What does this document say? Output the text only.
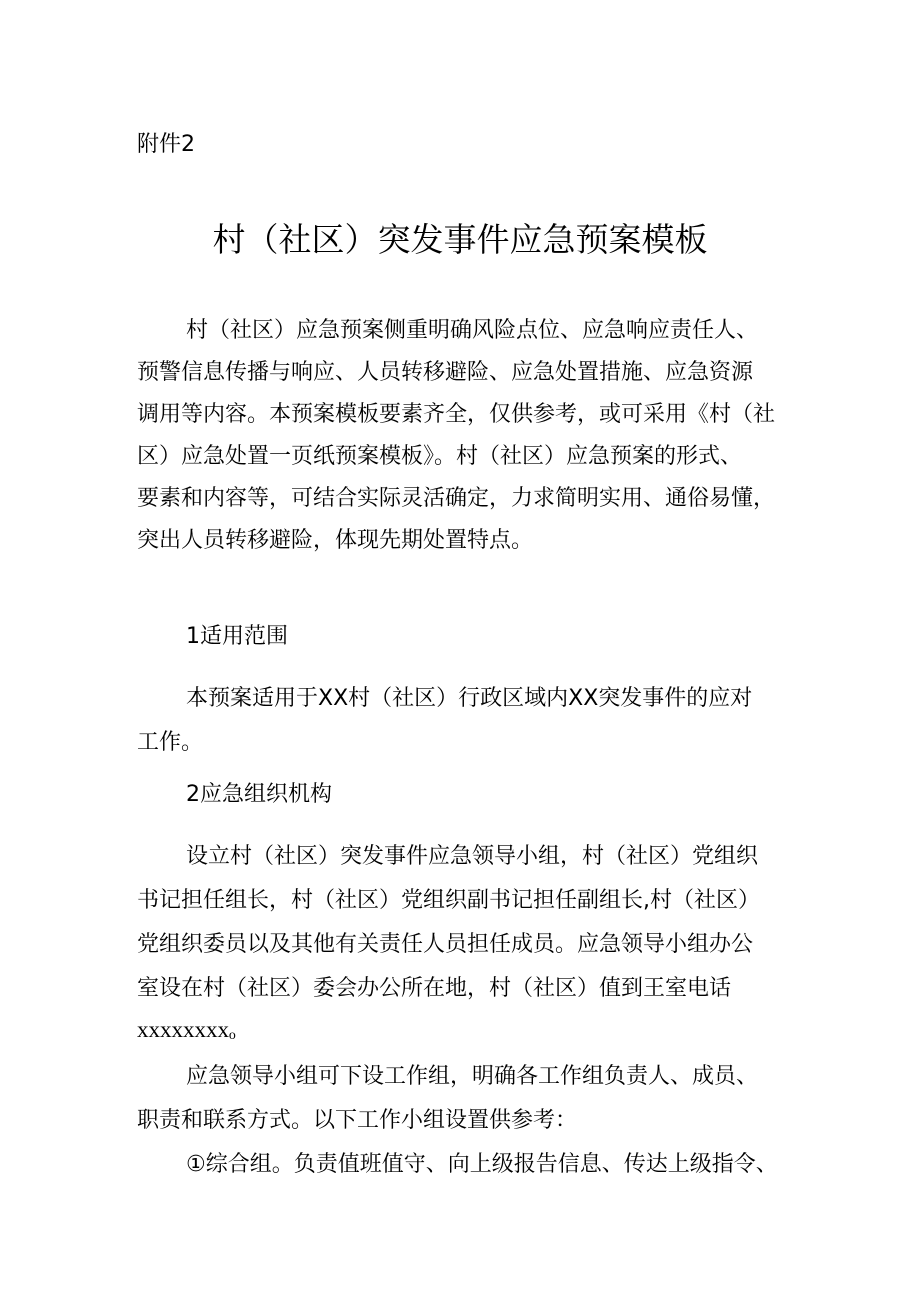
附件2
村（社区）突发事件应急预案模板
村（社区）应急预案侧重明确风险点位、应急响应责任人、
预警信息传播与响应、人员转移避险、应急处置措施、应急资源
调用等内容。本预案模板要素齐全，仅供参考，或可采用《村（社
区）应急处置一页纸预案模板》。村（社区）应急预案的形式、
要素和内容等，可结合实际灵活确定，力求简明实用、通俗易懂，
突出人员转移避险，体现先期处置特点。
1适用范围
本预案适用于XX村（社区）行政区域内XX突发事件的应对
工作。
2应急组织机构
设立村（社区）突发事件应急领导小组，村（社区）党组织
书记担任组长，村（社区）党组织副书记担任副组长,村（社区）
党组织委员以及其他有关责任人员担任成员。应急领导小组办公
室设在村（社区）委会办公所在地，村（社区）值到王室电话
xxxxxxxxₒ
应急领导小组可下设工作组，明确各工作组负责人、成员、
职责和联系方式。以下工作小组设置供参考：
①综合组。负责值班值守、向上级报告信息、传达上级指令、
